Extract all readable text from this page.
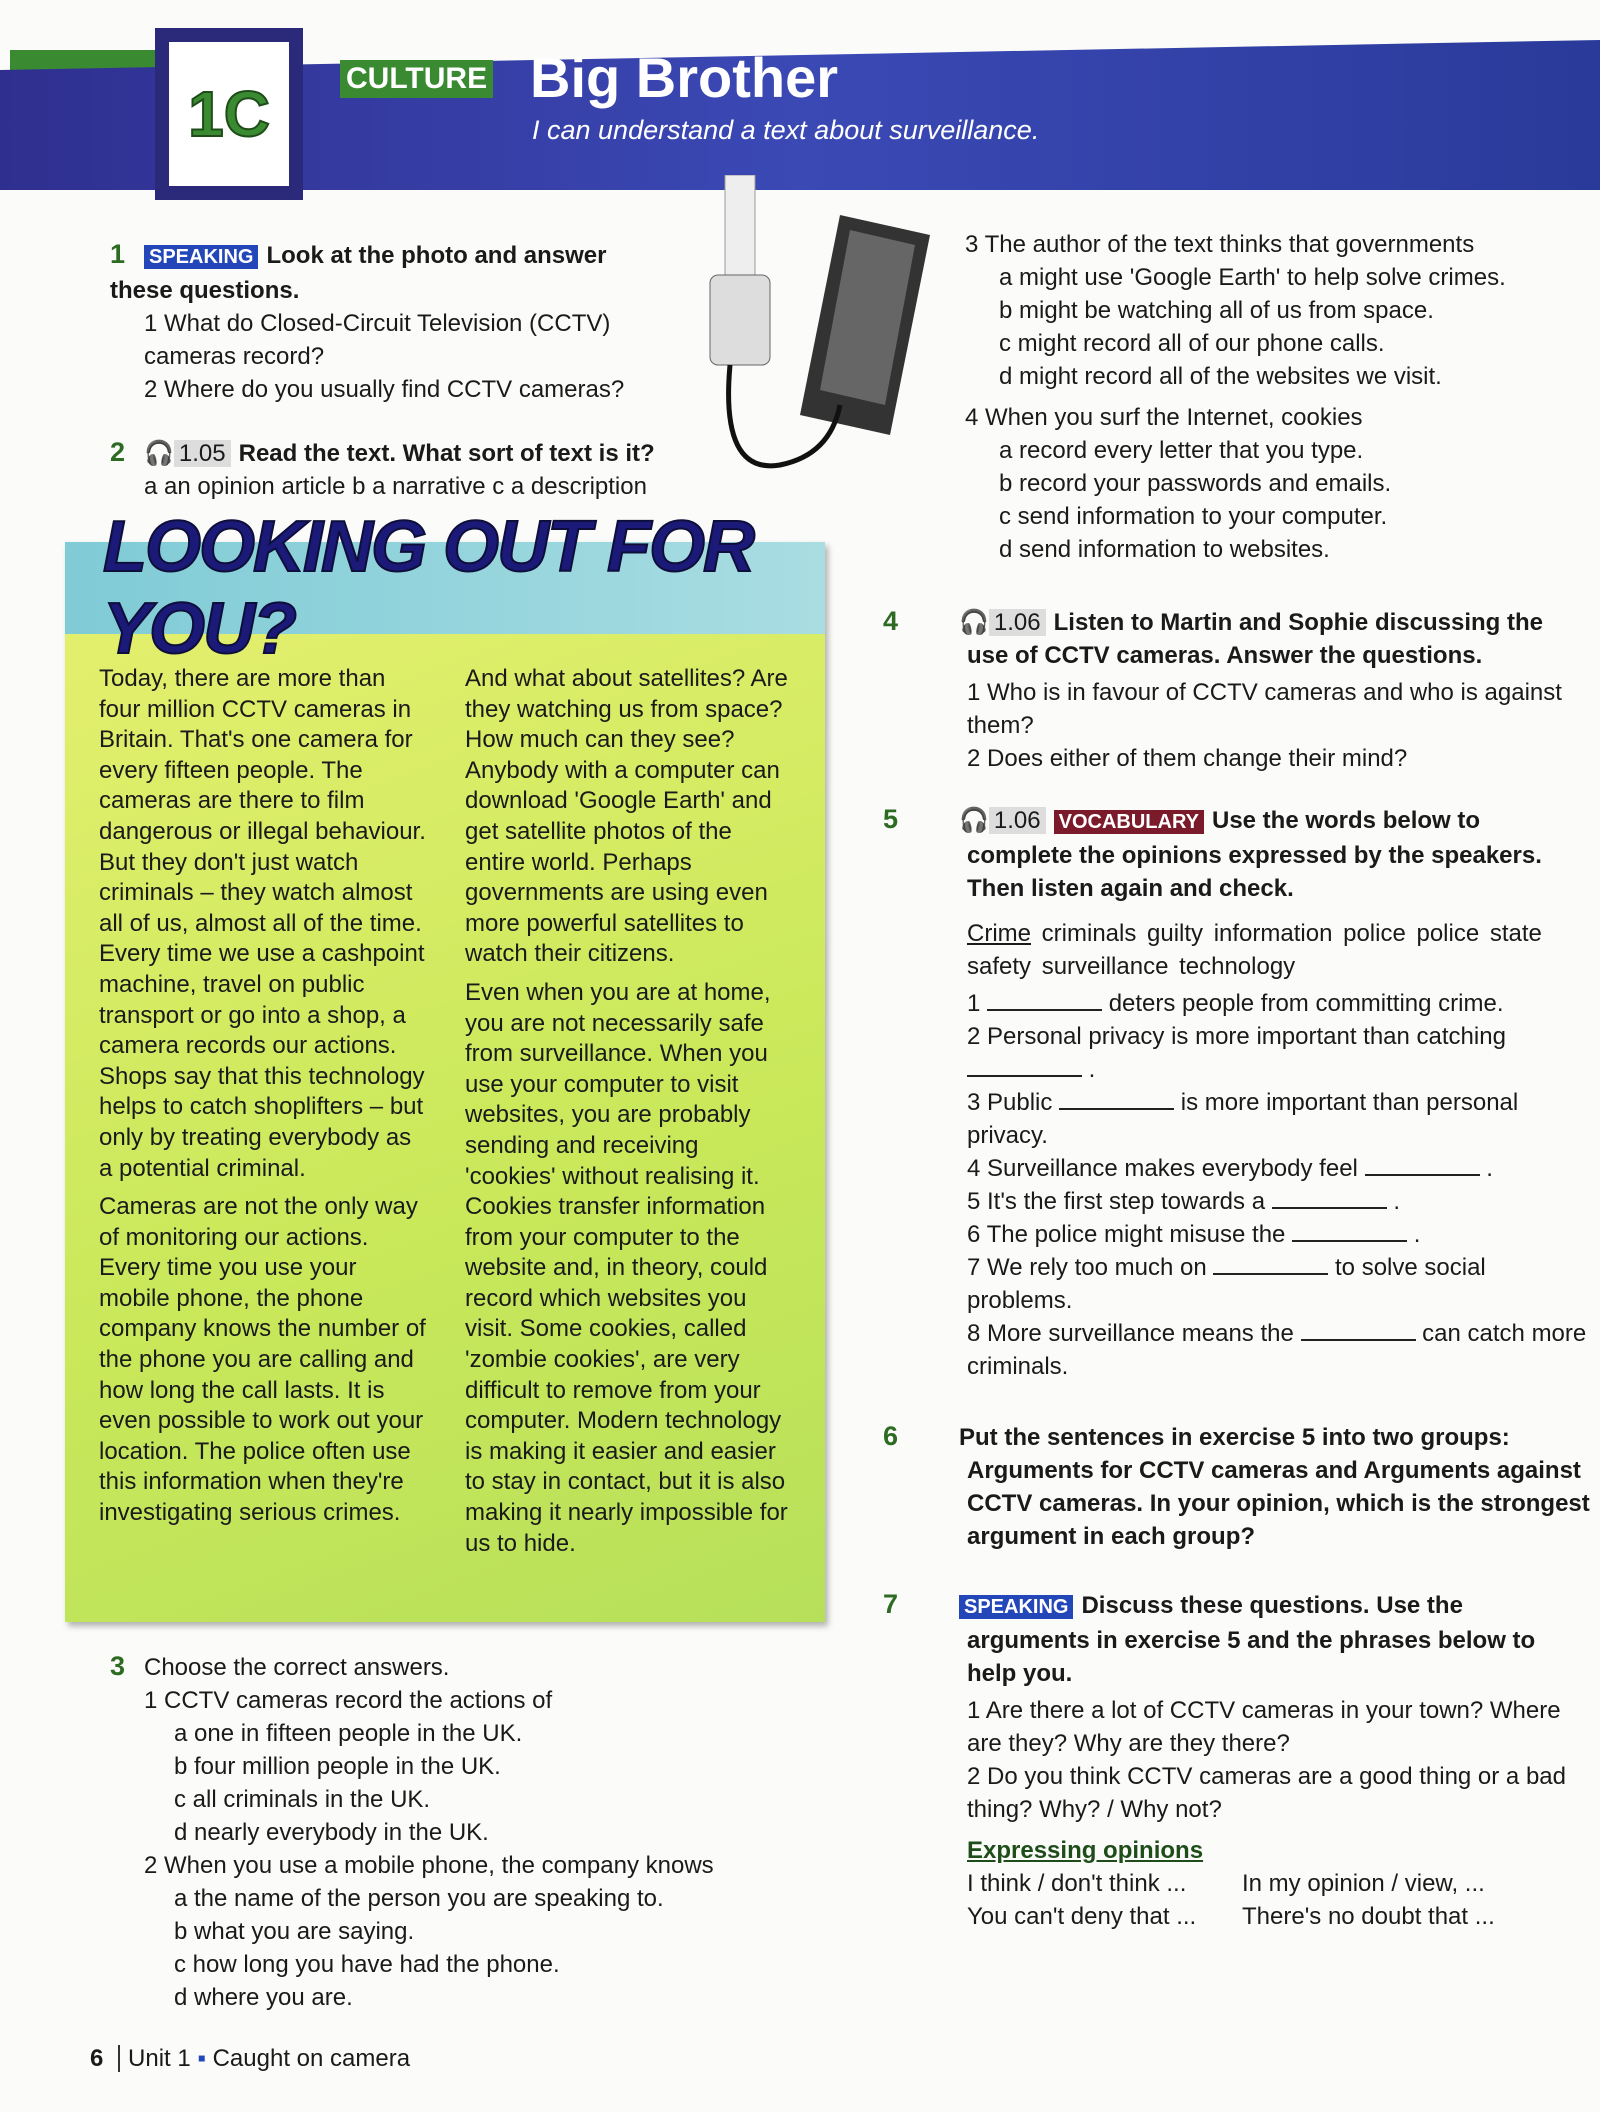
1C	CULTURE Big Brother
I can understand a text about surveillance.
1 SPEAKING Look at the photo and answer these questions.
1 What do Closed-Circuit Television (CCTV) cameras record?
2 Where do you usually find CCTV cameras?
2 🎧 1.05 Read the text. What sort of text is it?
a an opinion article b a narrative c a description
LOOKING OUT FOR YOU?

Today, there are more than four million CCTV cameras in Britain. That's one camera for every fifteen people. The cameras are there to film dangerous or illegal behaviour. But they don't just watch criminals – they watch almost all of us, almost all of the time. Every time we use a cashpoint machine, travel on public transport or go into a shop, a camera records our actions. Shops say that this technology helps to catch shoplifters – but only by treating everybody as a potential criminal.

Cameras are not the only way of monitoring our actions. Every time you use your mobile phone, the phone company knows the number of the phone you are calling and how long the call lasts. It is even possible to work out your location. The police often use this information when they're investigating serious crimes.

And what about satellites? Are they watching us from space? How much can they see? Anybody with a computer can download 'Google Earth' and get satellite photos of the entire world. Perhaps governments are using even more powerful satellites to watch their citizens.

Even when you are at home, you are not necessarily safe from surveillance. When you use your computer to visit websites, you are probably sending and receiving 'cookies' without realising it. Cookies transfer information from your computer to the website and, in theory, could record which websites you visit. Some cookies, called 'zombie cookies', are very difficult to remove from your computer. Modern technology is making it easier and easier to stay in contact, but it is also making it nearly impossible for us to hide.

3 Choose the correct answers.
1 CCTV cameras record the actions of
a one in fifteen people in the UK.
b four million people in the UK.
c all criminals in the UK.
d nearly everybody in the UK.
2 When you use a mobile phone, the company knows
a the name of the person you are speaking to.
b what you are saying.
c how long you have had the phone.
d where you are.
3 The author of the text thinks that governments
a might use 'Google Earth' to help solve crimes.
b might be watching all of us from space.
c might record all of our phone calls.
d might record all of the websites we visit.
4 When you surf the Internet, cookies
a record every letter that you type.
b record your passwords and emails.
c send information to your computer.
d send information to websites.
4	🎧 1.06 Listen to Martin and Sophie discussing the use of CCTV cameras. Answer the questions.
1 Who is in favour of CCTV cameras and who is against them?
2 Does either of them change their mind?
5	🎧 1.06 VOCABULARY Use the words below to complete the opinions expressed by the speakers. Then listen again and check.
Crime criminals guilty information police police state safety surveillance technology
1	deters people from committing crime.
2 Personal privacy is more important than catching  .
3 Public	is more important than personal privacy.
4 Surveillance makes everybody feel	.
5 It's the first step towards a	.
6 The police might misuse the	.
7 We rely too much on	to solve social problems.
8 More surveillance means the	can catch more criminals.
6	Put the sentences in exercise 5 into two groups: Arguments for CCTV cameras and Arguments against CCTV cameras. In your opinion, which is the strongest argument in each group?
7	SPEAKING Discuss these questions. Use the arguments in exercise 5 and the phrases below to help you.
1 Are there a lot of CCTV cameras in your town? Where are they? Why are they there?
2 Do you think CCTV cameras are a good thing or a bad thing? Why? / Why not?
Expressing opinions
I think / don't think ...	In my opinion / view, ...
You can't deny that ...	There's no doubt that ...
6 Unit 1 ▪ Caught on camera
